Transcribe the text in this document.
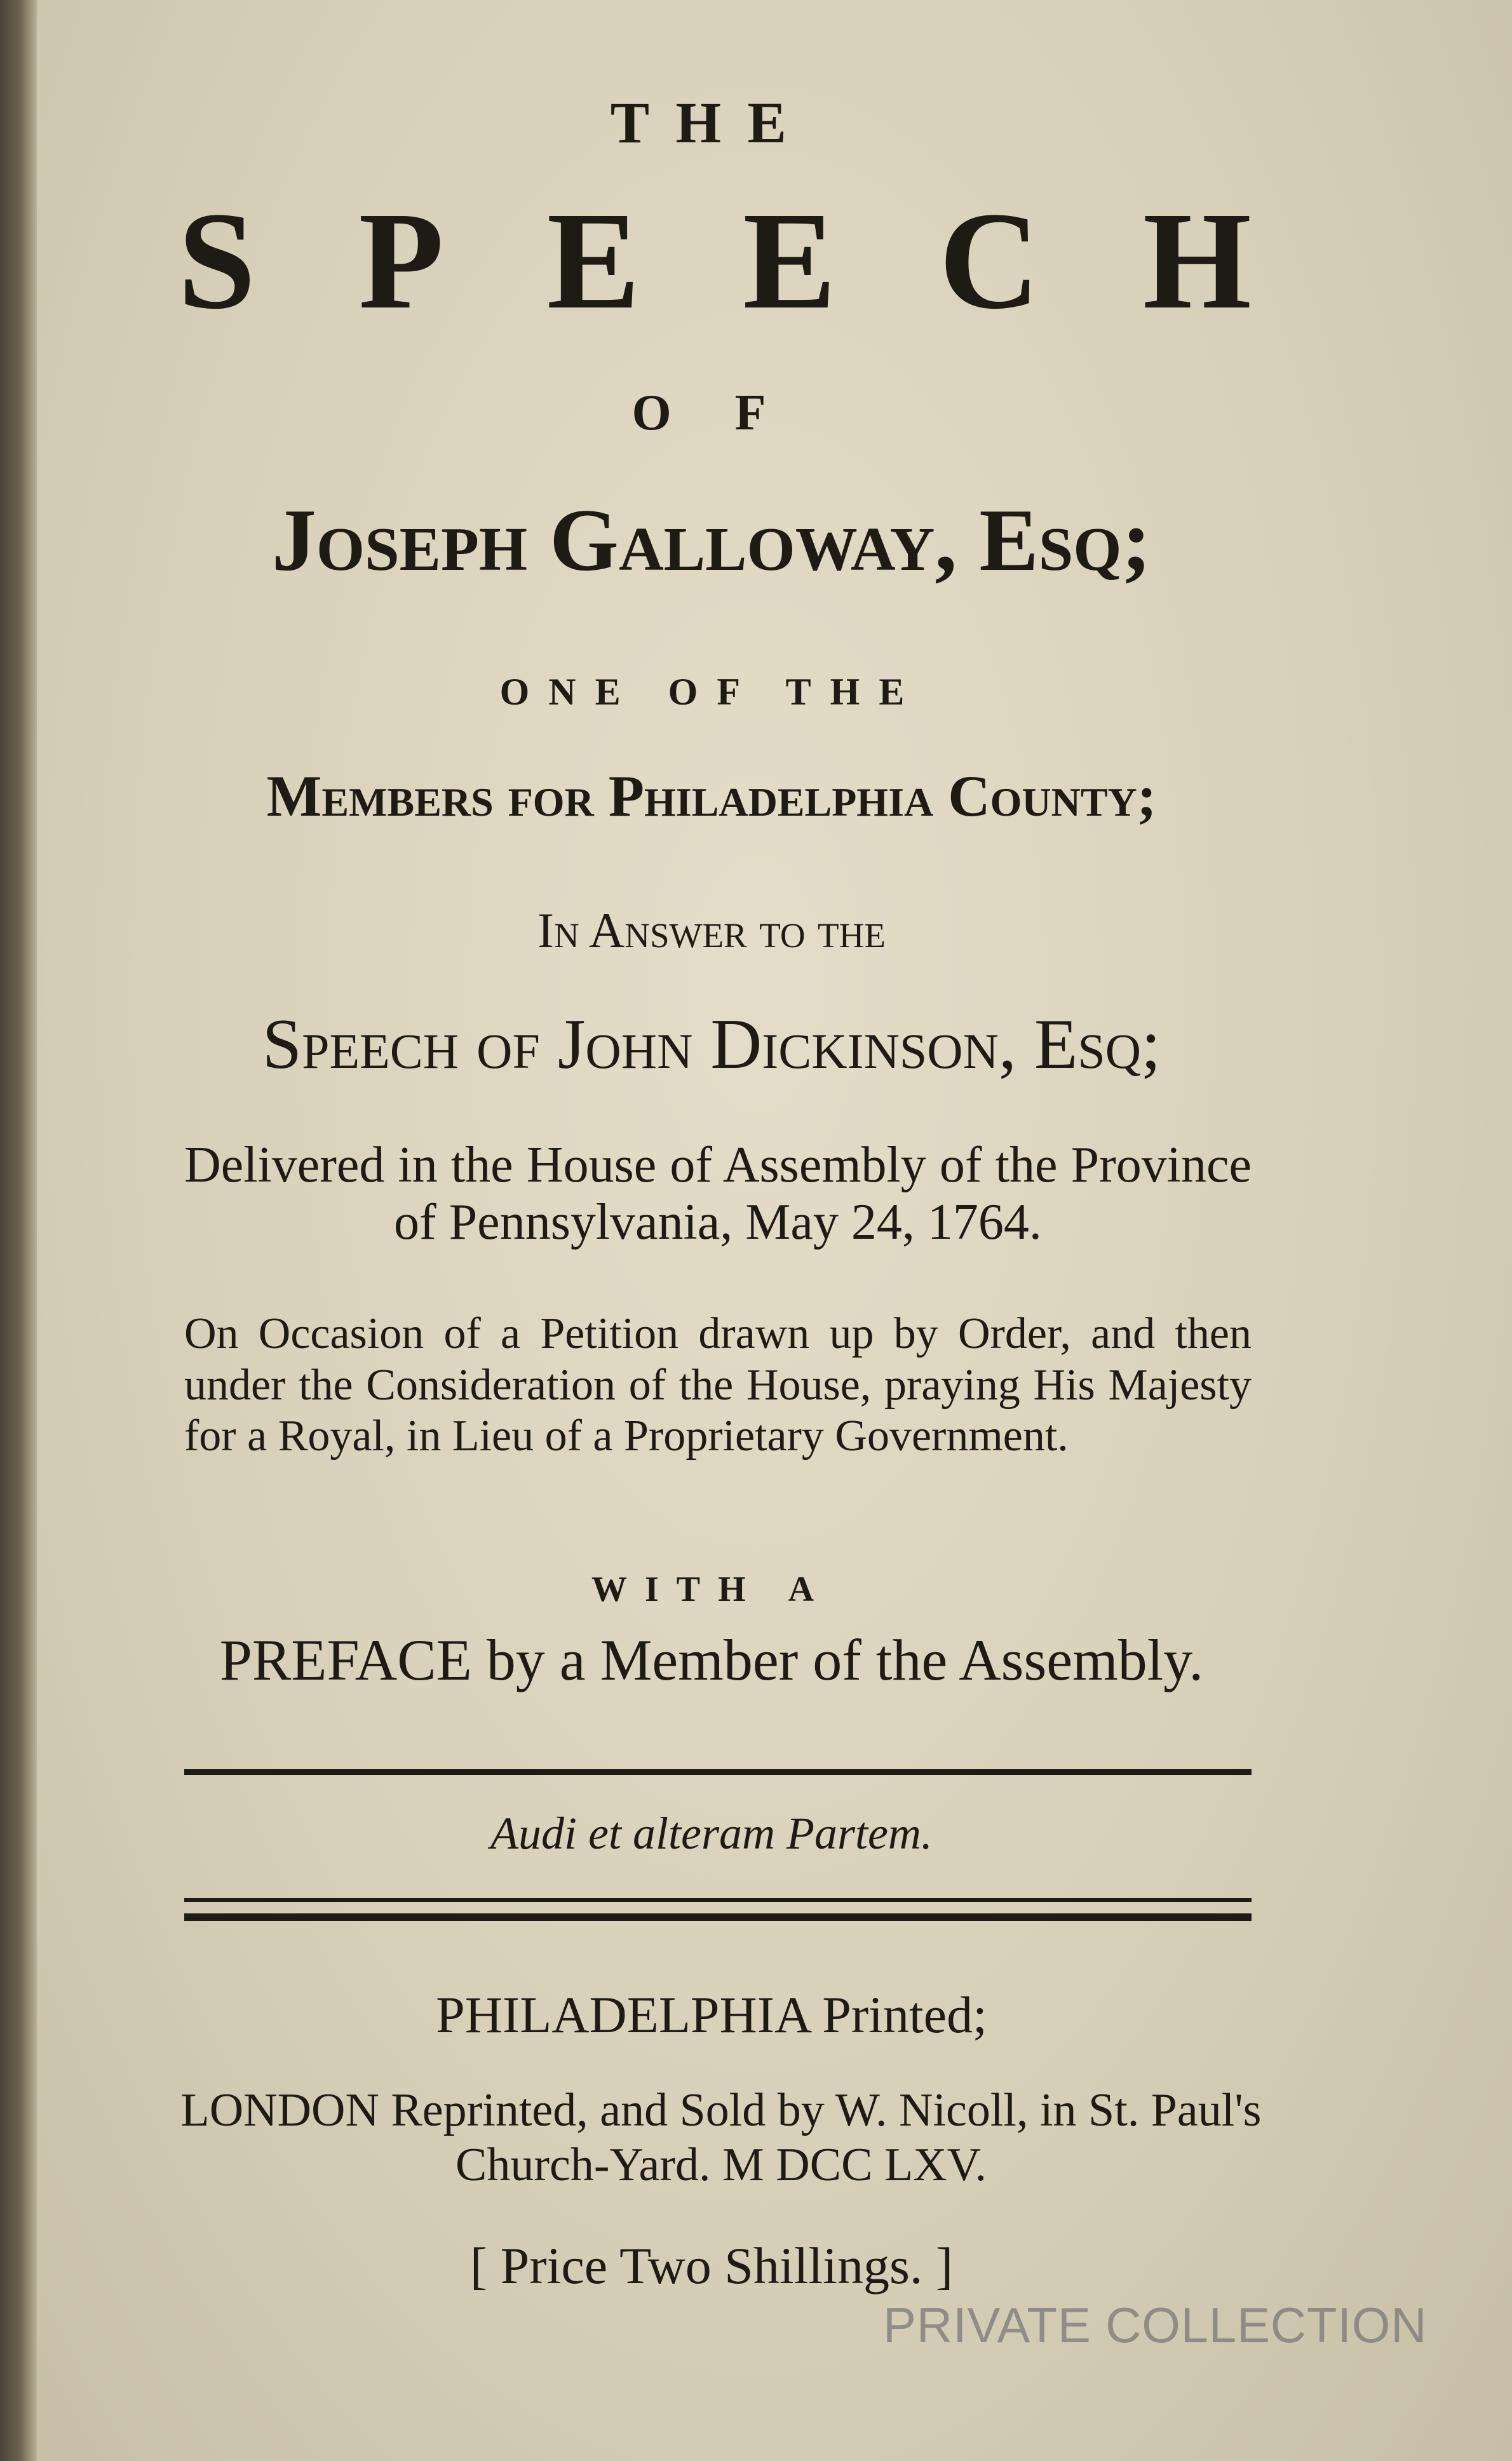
THE
S P E E C H
O F
Joseph Galloway, Esq;
ONE OF THE
Members for Philadelphia County;
In Answer to the
Speech of John Dickinson, Esq;
Delivered in the House of Assembly of the Province of Pennsylvania, May 24, 1764.
On Occasion of a Petition drawn up by Order, and then under the Consideration of the House, praying His Majesty for a Royal, in Lieu of a Proprietary Government.
WITH A
PREFACE by a Member of the Assembly.
Audi et alteram Partem.
PHILADELPHIA Printed;
LONDON Reprinted, and Sold by W. Nicoll, in St. Paul's Church-Yard. M DCC LXV.
[ Price Two Shillings. ]
PRIVATE COLLECTION
